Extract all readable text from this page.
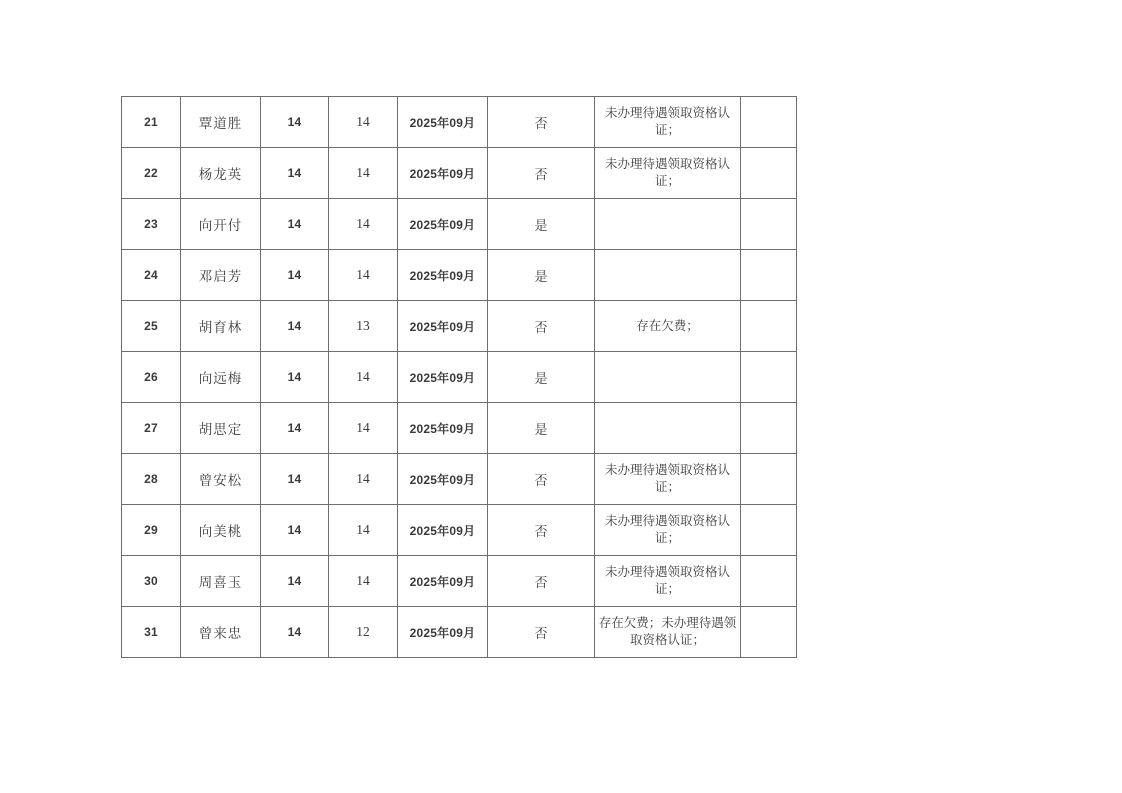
21	覃道胜	14	14	2025年09月	否	未办理待遇领取资格认证；	
22	杨龙英	14	14	2025年09月	否	未办理待遇领取资格认证；	
23	向开付	14	14	2025年09月	是		
24	邓启芳	14	14	2025年09月	是		
25	胡育林	14	13	2025年09月	否	存在欠费；	
26	向远梅	14	14	2025年09月	是		
27	胡思定	14	14	2025年09月	是		
28	曾安松	14	14	2025年09月	否	未办理待遇领取资格认证；	
29	向美桃	14	14	2025年09月	否	未办理待遇领取资格认证；	
30	周喜玉	14	14	2025年09月	否	未办理待遇领取资格认证；	
31	曾来忠	14	12	2025年09月	否	存在欠费；未办理待遇领取资格认证；	
